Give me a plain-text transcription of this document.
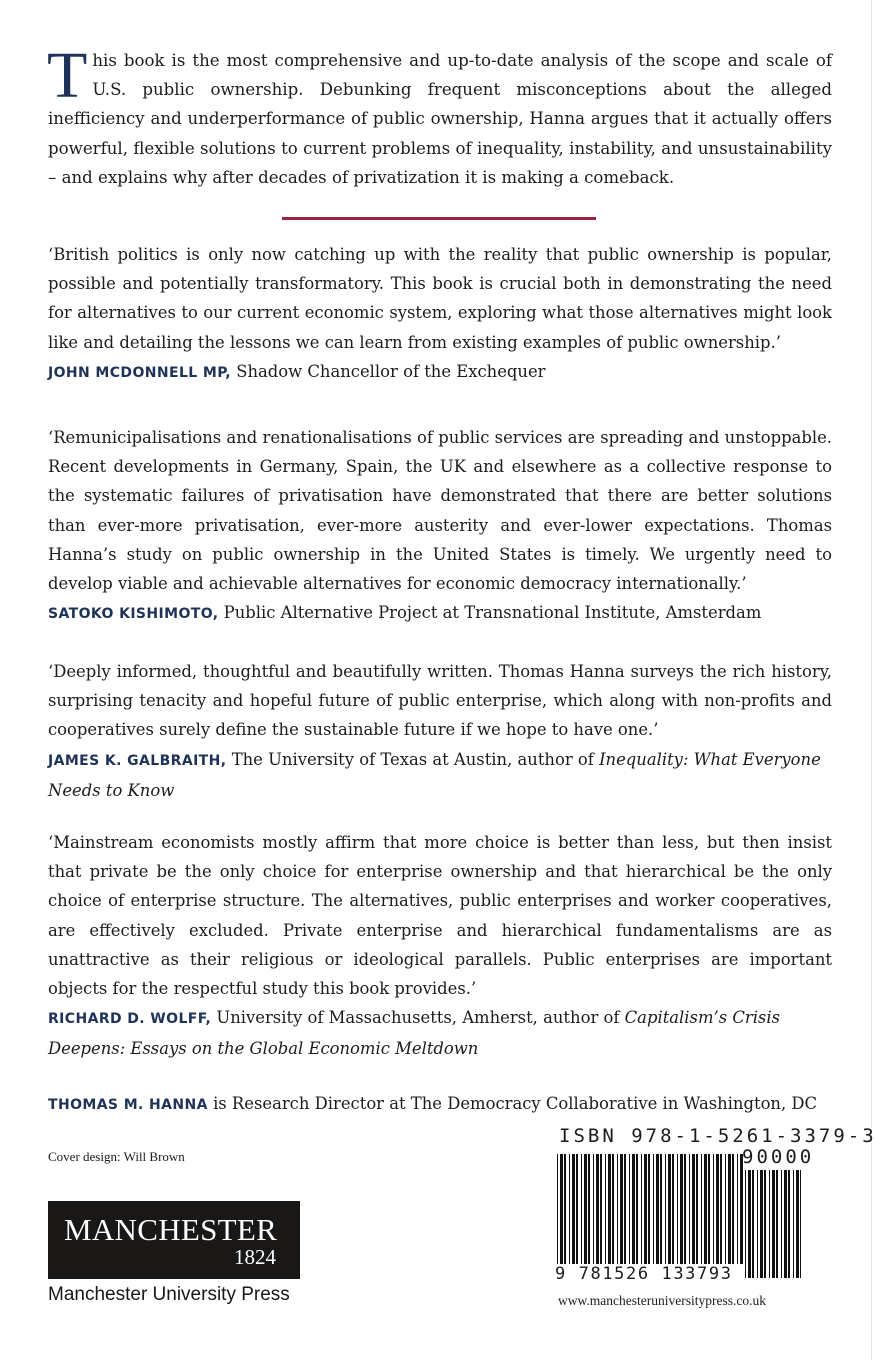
This book is the most comprehensive and up-to-date analysis of the scope and scale of U.S. public ownership. Debunking frequent misconceptions about the alleged inefficiency and underperformance of public ownership, Hanna argues that it actually offers powerful, flexible solutions to current problems of inequality, instability, and unsustainability – and explains why after decades of privatization it is making a comeback.

‘British politics is only now catching up with the reality that public ownership is popular, possible and potentially transformatory. This book is crucial both in demonstrating the need for alternatives to our current economic system, exploring what those alternatives might look like and detailing the lessons we can learn from existing examples of public ownership.’

JOHN MCDONNELL MP, Shadow Chancellor of the Exchequer

‘Remunicipalisations and renationalisations of public services are spreading and unstoppable. Recent developments in Germany, Spain, the UK and elsewhere as a collective response to the systematic failures of privatisation have demonstrated that there are better solutions than ever-more privatisation, ever-more austerity and ever-lower expectations. Thomas Hanna’s study on public ownership in the United States is timely. We urgently need to develop viable and achievable alternatives for economic democracy internationally.’

SATOKO KISHIMOTO, Public Alternative Project at Transnational Institute, Amsterdam

‘Deeply informed, thoughtful and beautifully written. Thomas Hanna surveys the rich history, surprising tenacity and hopeful future of public enterprise, which along with non-profits and cooperatives surely define the sustainable future if we hope to have one.’

JAMES K. GALBRAITH, The University of Texas at Austin, author of Inequality: What Everyone Needs to Know

‘Mainstream economists mostly affirm that more choice is better than less, but then insist that private be the only choice for enterprise ownership and that hierarchical be the only choice of enterprise structure. The alternatives, public enterprises and worker cooperatives, are effectively excluded. Private enterprise and hierarchical fundamentalisms are as unattractive as their religious or ideological parallels. Public enterprises are important objects for the respectful study this book provides.’

RICHARD D. WOLFF, University of Massachusetts, Amherst, author of Capitalism’s Crisis Deepens: Essays on the Global Economic Meltdown

THOMAS M. HANNA is Research Director at The Democracy Collaborative in Washington, DC
Cover design: Will Brown
MANCHESTER
1824
Manchester University Press
ISBN 978-1-5261-3379-3
90000
9 781526 133793
www.manchesteruniversitypress.co.uk
